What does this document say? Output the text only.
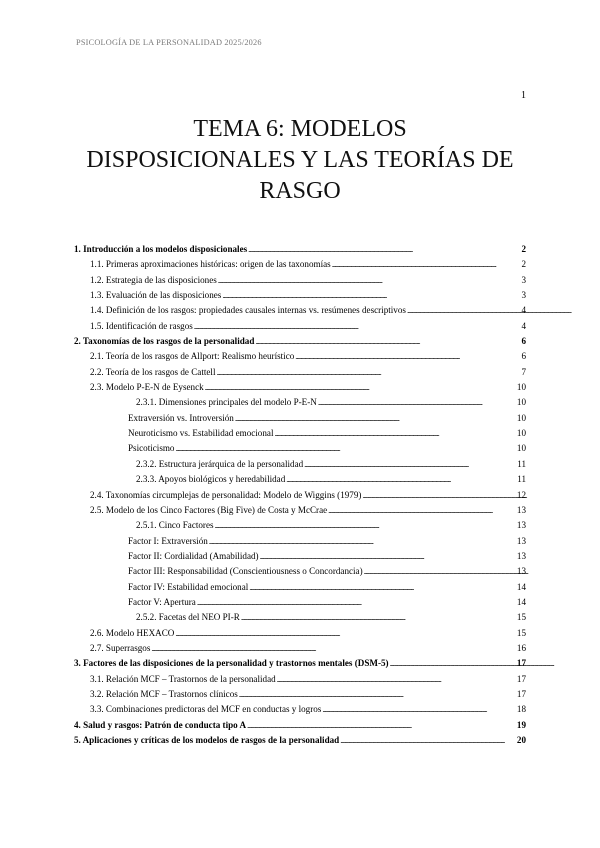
PSICOLOGÍA DE LA PERSONALIDAD 2025/2026
1
TEMA 6: MODELOS
DISPOSICIONALES Y LAS TEORÍAS DE
RASGO
1. Introducción a los modelos disposicionales . . .	2
1.1. Primeras aproximaciones históricas: origen de las taxonomías . . .	2
1.2. Estrategia de las disposiciones . . .	3
1.3. Evaluación de las disposiciones . . .	3
1.4. Definición de los rasgos: propiedades causales internas vs. resúmenes descriptivos . . .	4
1.5. Identificación de rasgos . . .	4
2. Taxonomías de los rasgos de la personalidad . . .	6
2.1. Teoría de los rasgos de Allport: Realismo heurístico . . .	6
2.2. Teoría de los rasgos de Cattell . . .	7
2.3. Modelo P-E-N de Eysenck . . .	10
2.3.1. Dimensiones principales del modelo P-E-N . . .	10
Extraversión vs. Introversión . . .	10
Neuroticismo vs. Estabilidad emocional . . .	10
Psicoticismo . . .	10
2.3.2. Estructura jerárquica de la personalidad . . .	11
2.3.3. Apoyos biológicos y heredabilidad . . .	11
2.4. Taxonomías circumplejas de personalidad: Modelo de Wiggins (1979) . . .	12
2.5. Modelo de los Cinco Factores (Big Five) de Costa y McCrae . . .	13
2.5.1. Cinco Factores . . .	13
Factor I: Extraversión . . .	13
Factor II: Cordialidad (Amabilidad) . . .	13
Factor III: Responsabilidad (Conscientiousness o Concordancia) . . .	13
Factor IV: Estabilidad emocional . . .	14
Factor V: Apertura . . .	14
2.5.2. Facetas del NEO PI-R . . .	15
2.6. Modelo HEXACO . . .	15
2.7. Superrasgos . . .	16
3. Factores de las disposiciones de la personalidad y trastornos mentales (DSM-5) . . .	17
3.1. Relación MCF – Trastornos de la personalidad . . .	17
3.2. Relación MCF – Trastornos clínicos . . .	17
3.3. Combinaciones predictoras del MCF en conductas y logros . . .	18
4. Salud y rasgos: Patrón de conducta tipo A . . .	19
5. Aplicaciones y críticas de los modelos de rasgos de la personalidad . . .	20
